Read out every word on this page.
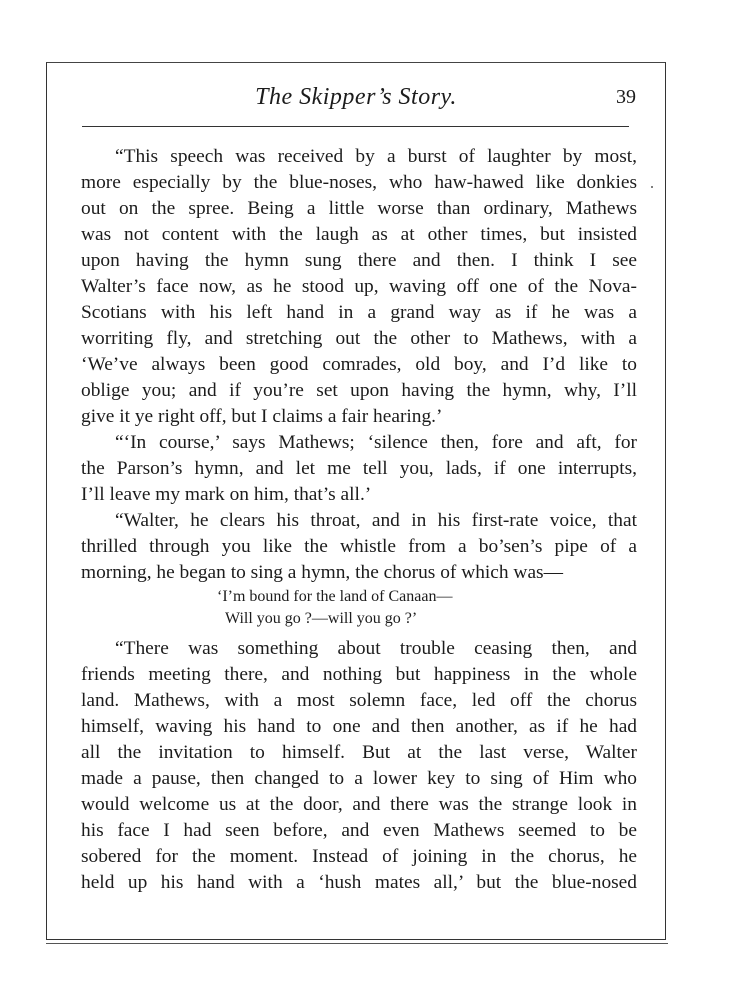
The Skipper’s Story.	39
“This speech was received by a burst of laughter by most,
more especially by the blue-noses, who haw-hawed like donkies
out on the spree. Being a little worse than ordinary, Mathews
was not content with the laugh as at other times, but insisted
upon having the hymn sung there and then. I think I see
Walter’s face now, as he stood up, waving off one of the Nova-
Scotians with his left hand in a grand way as if he was a
worriting fly, and stretching out the other to Mathews, with a
‘We’ve always been good comrades, old boy, and I’d like to
oblige you; and if you’re set upon having the hymn, why, I’ll
give it ye right off, but I claims a fair hearing.’
“‘In course,’ says Mathews; ‘silence then, fore and aft, for
the Parson’s hymn, and let me tell you, lads, if one interrupts,
I’ll leave my mark on him, that’s all.’
“Walter, he clears his throat, and in his first-rate voice, that
thrilled through you like the whistle from a bo’sen’s pipe of a
morning, he began to sing a hymn, the chorus of which was—
‘I’m bound for the land of Canaan—
Will you go ?—will you go ?’
“There was something about trouble ceasing then, and
friends meeting there, and nothing but happiness in the whole
land. Mathews, with a most solemn face, led off the chorus
himself, waving his hand to one and then another, as if he had
all the invitation to himself. But at the last verse, Walter
made a pause, then changed to a lower key to sing of Him who
would welcome us at the door, and there was the strange look in
his face I had seen before, and even Mathews seemed to be
sobered for the moment. Instead of joining in the chorus, he
held up his hand with a ‘hush mates all,’ but the blue-nosed
